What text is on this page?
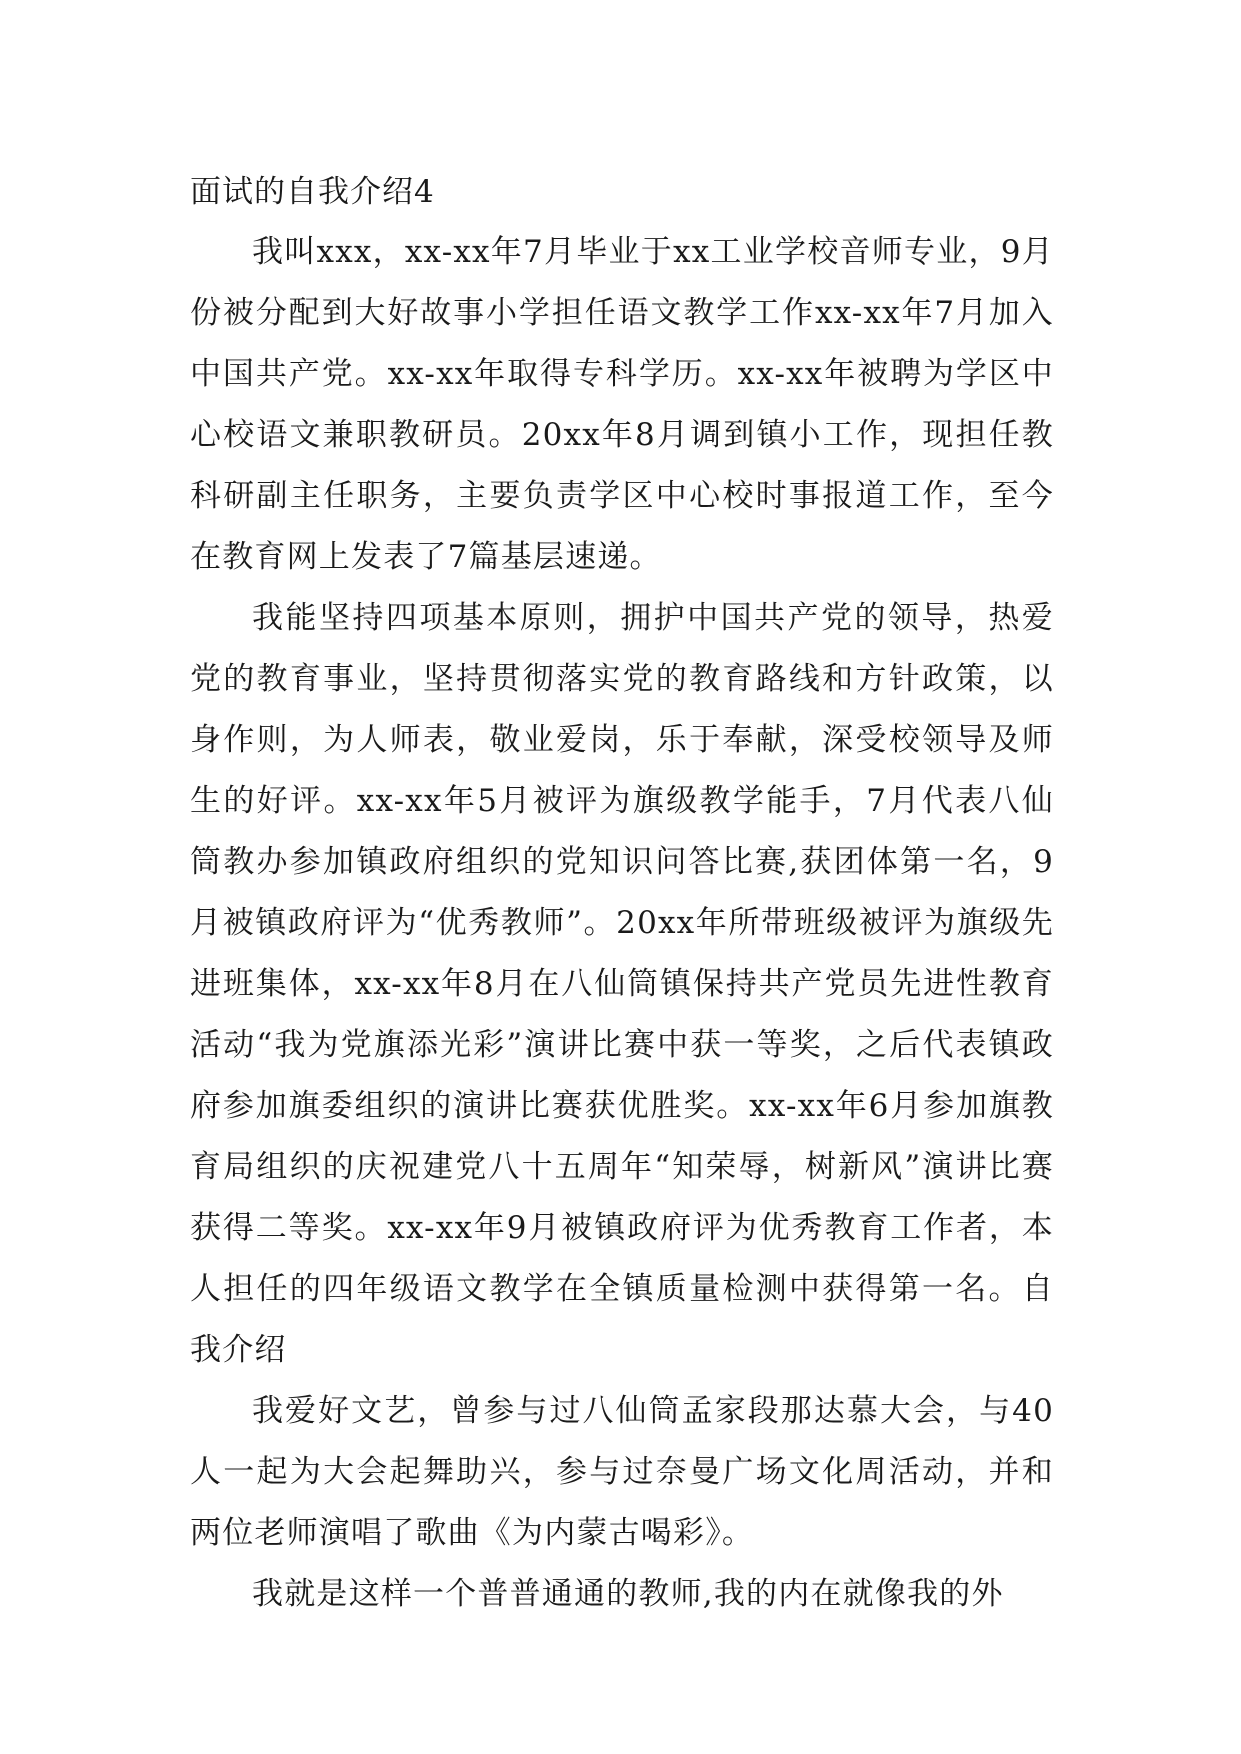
面试的自我介绍4

我叫xxx，xx-xx年7月毕业于xx工业学校音师专业，9月份被分配到大好故事小学担任语文教学工作xx-xx年7月加入中国共产党。xx-xx年取得专科学历。xx-xx年被聘为学区中心校语文兼职教研员。20xx年8月调到镇小工作，现担任教科研副主任职务，主要负责学区中心校时事报道工作，至今在教育网上发表了7篇基层速递。

我能坚持四项基本原则，拥护中国共产党的领导，热爱党的教育事业，坚持贯彻落实党的教育路线和方针政策，以身作则，为人师表，敬业爱岗，乐于奉献，深受校领导及师生的好评。xx-xx年5月被评为旗级教学能手，7月代表八仙筒教办参加镇政府组织的党知识问答比赛,获团体第一名，9月被镇政府评为“优秀教师”。20xx年所带班级被评为旗级先进班集体，xx-xx年8月在八仙筒镇保持共产党员先进性教育活动“我为党旗添光彩”演讲比赛中获一等奖，之后代表镇政府参加旗委组织的演讲比赛获优胜奖。xx-xx年6月参加旗教育局组织的庆祝建党八十五周年“知荣辱，树新风”演讲比赛获得二等奖。xx-xx年9月被镇政府评为优秀教育工作者，本人担任的四年级语文教学在全镇质量检测中获得第一名。自我介绍

我爱好文艺，曾参与过八仙筒孟家段那达慕大会，与40人一起为大会起舞助兴，参与过奈曼广场文化周活动，并和两位老师演唱了歌曲《为内蒙古喝彩》。

我就是这样一个普普通通的教师,我的内在就像我的外
